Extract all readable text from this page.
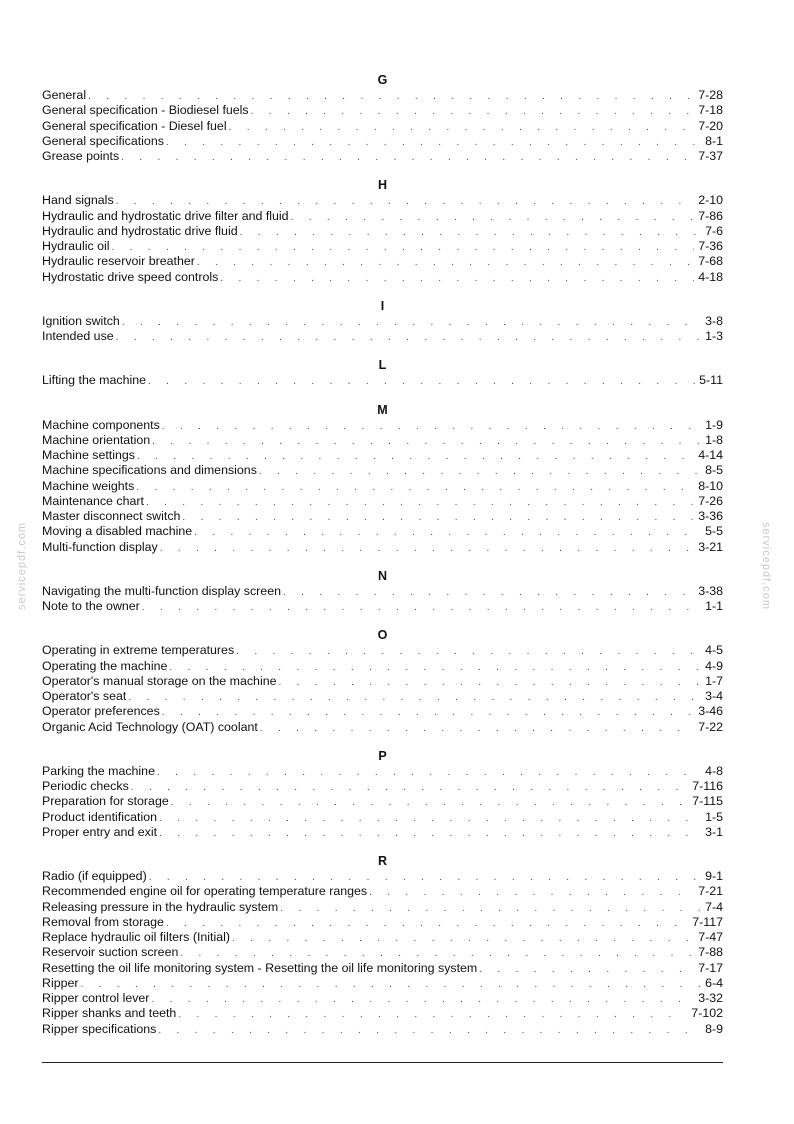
G
General . . .	7-28
General specification - Biodiesel fuels . . .	7-18
General specification - Diesel fuel . . .	7-20
General specifications . . .	8-1
Grease points . . .	7-37
H
Hand signals . . .	2-10
Hydraulic and hydrostatic drive filter and fluid . . .	7-86
Hydraulic and hydrostatic drive fluid . . .	7-6
Hydraulic oil . . .	7-36
Hydraulic reservoir breather . . .	7-68
Hydrostatic drive speed controls . . .	4-18
I
Ignition switch . . .	3-8
Intended use . . .	1-3
L
Lifting the machine . . .	5-11
M
Machine components . . .	1-9
Machine orientation . . .	1-8
Machine settings . . .	4-14
Machine specifications and dimensions . . .	8-5
Machine weights . . .	8-10
Maintenance chart . . .	7-26
Master disconnect switch . . .	3-36
Moving a disabled machine . . .	5-5
Multi-function display . . .	3-21
N
Navigating the multi-function display screen . . .	3-38
Note to the owner . . .	1-1
O
Operating in extreme temperatures . . .	4-5
Operating the machine . . .	4-9
Operator's manual storage on the machine . . .	1-7
Operator's seat . . .	3-4
Operator preferences . . .	3-46
Organic Acid Technology (OAT) coolant . . .	7-22
P
Parking the machine . . .	4-8
Periodic checks . . .	7-116
Preparation for storage . . .	7-115
Product identification . . .	1-5
Proper entry and exit . . .	3-1
R
Radio (if equipped) . . .	9-1
Recommended engine oil for operating temperature ranges . . .	7-21
Releasing pressure in the hydraulic system . . .	7-4
Removal from storage . . .	7-117
Replace hydraulic oil filters (Initial) . . .	7-47
Reservoir suction screen . . .	7-88
Resetting the oil life monitoring system - Resetting the oil life monitoring system . . .	7-17
Ripper . . .	6-4
Ripper control lever . . .	3-32
Ripper shanks and teeth . . .	7-102
Ripper specifications . . .	8-9
servicepdf.com	servicepdf.com
